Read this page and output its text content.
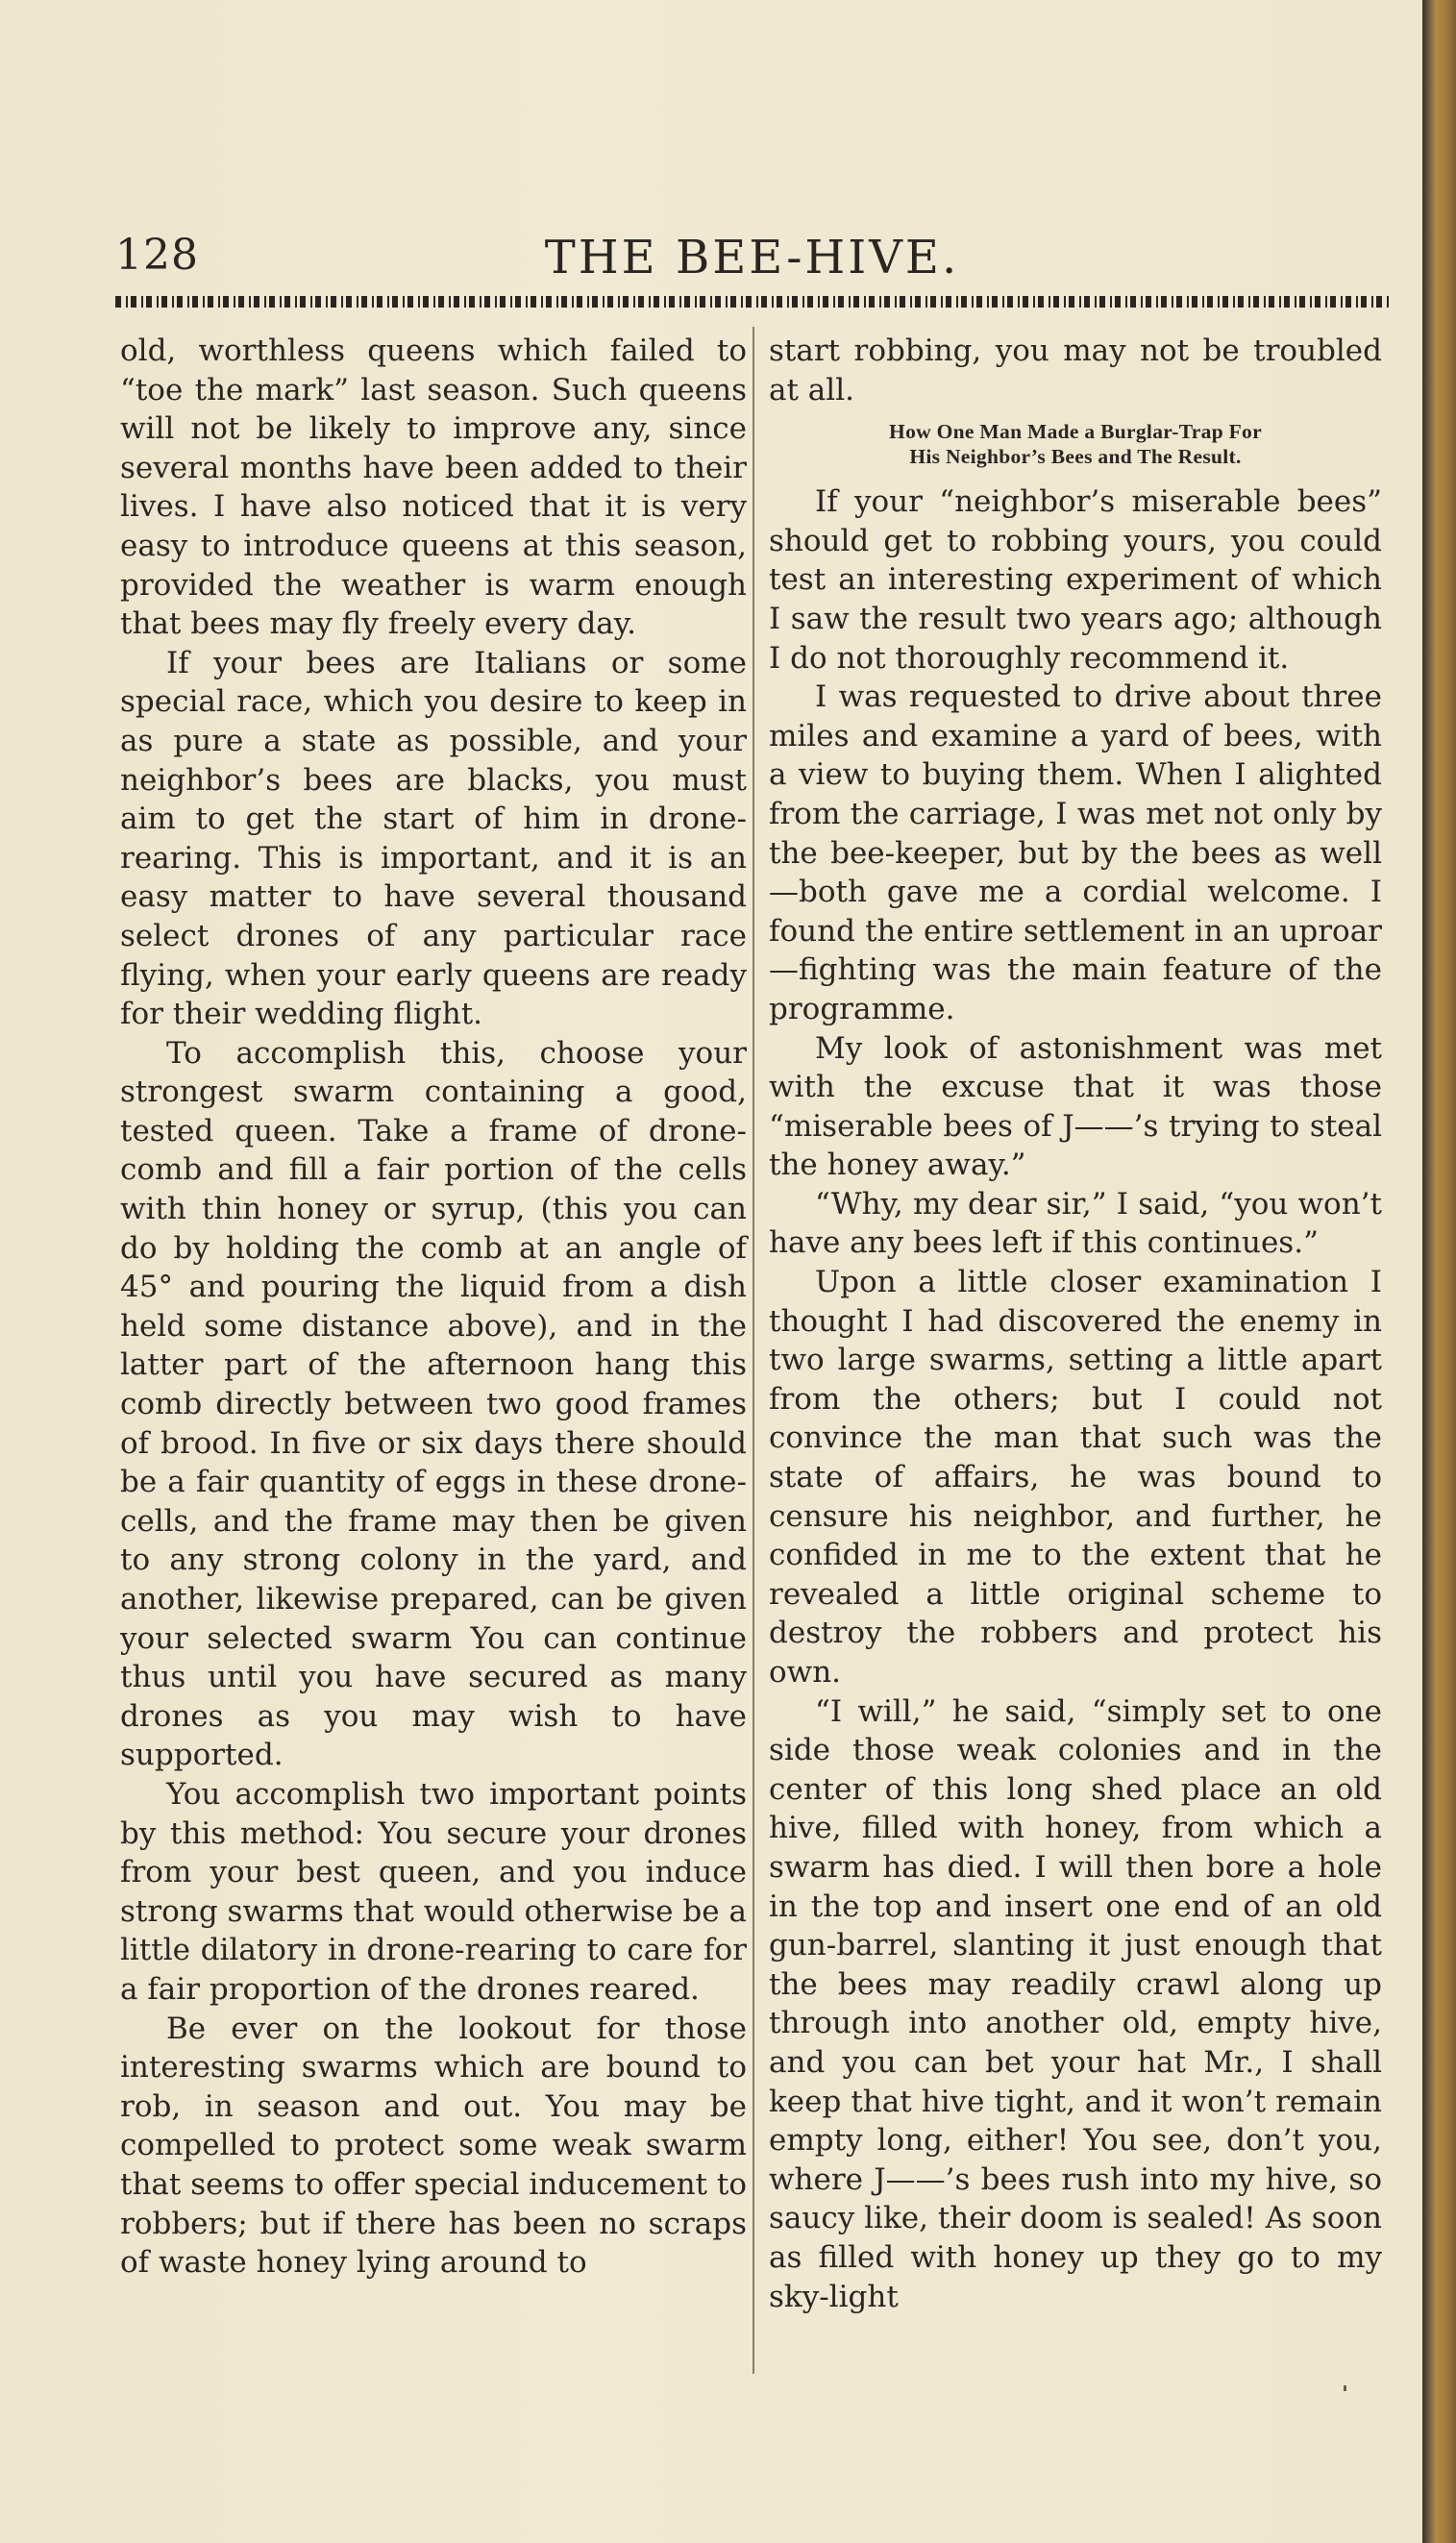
128	THE BEE-HIVE.

old, worthless queens which failed to “toe the mark” last season. Such queens will not be likely to improve any, since several months have been added to their lives. I have also noticed that it is very easy to introduce queens at this season, provided the weather is warm enough that bees may fly freely every day.

If your bees are Italians or some special race, which you desire to keep in as pure a state as possible, and your neighbor’s bees are blacks, you must aim to get the start of him in drone-rearing. This is important, and it is an easy matter to have several thousand select drones of any particular race flying, when your early queens are ready for their wedding flight.

To accomplish this, choose your strongest swarm containing a good, tested queen. Take a frame of drone-comb and fill a fair portion of the cells with thin honey or syrup, (this you can do by holding the comb at an angle of 45° and pouring the liquid from a dish held some distance above), and in the latter part of the afternoon hang this comb directly between two good frames of brood. In five or six days there should be a fair quantity of eggs in these drone-cells, and the frame may then be given to any strong colony in the yard, and another, likewise prepared, can be given your selected swarm You can continue thus until you have secured as many drones as you may wish to have supported.

You accomplish two important points by this method: You secure your drones from your best queen, and you induce strong swarms that would otherwise be a little dilatory in drone-rearing to care for a fair proportion of the drones reared.

Be ever on the lookout for those interesting swarms which are bound to rob, in season and out. You may be compelled to protect some weak swarm that seems to offer special inducement to robbers; but if there has been no scraps of waste honey lying around to

start robbing, you may not be troubled at all.

How One Man Made a Burglar-Trap For
His Neighbor’s Bees and The Result.

If your “neighbor’s miserable bees” should get to robbing yours, you could test an interesting experiment of which I saw the result two years ago; although I do not thoroughly recommend it.

I was requested to drive about three miles and examine a yard of bees, with a view to buying them. When I alighted from the carriage, I was met not only by the bee-keeper, but by the bees as well—both gave me a cordial welcome. I found the entire settlement in an uproar—fighting was the main feature of the programme.

My look of astonishment was met with the excuse that it was those “miserable bees of J——’s trying to steal the honey away.”

“Why, my dear sir,” I said, “you won’t have any bees left if this continues.”

Upon a little closer examination I thought I had discovered the enemy in two large swarms, setting a little apart from the others; but I could not convince the man that such was the state of affairs, he was bound to censure his neighbor, and further, he confided in me to the extent that he revealed a little original scheme to destroy the robbers and protect his own.

“I will,” he said, “simply set to one side those weak colonies and in the center of this long shed place an old hive, filled with honey, from which a swarm has died. I will then bore a hole in the top and insert one end of an old gun-barrel, slanting it just enough that the bees may readily crawl along up through into another old, empty hive, and you can bet your hat Mr., I shall keep that hive tight, and it won’t remain empty long, either! You see, don’t you, where J——’s bees rush into my hive, so saucy like, their doom is sealed! As soon as filled with honey up they go to my sky-light
